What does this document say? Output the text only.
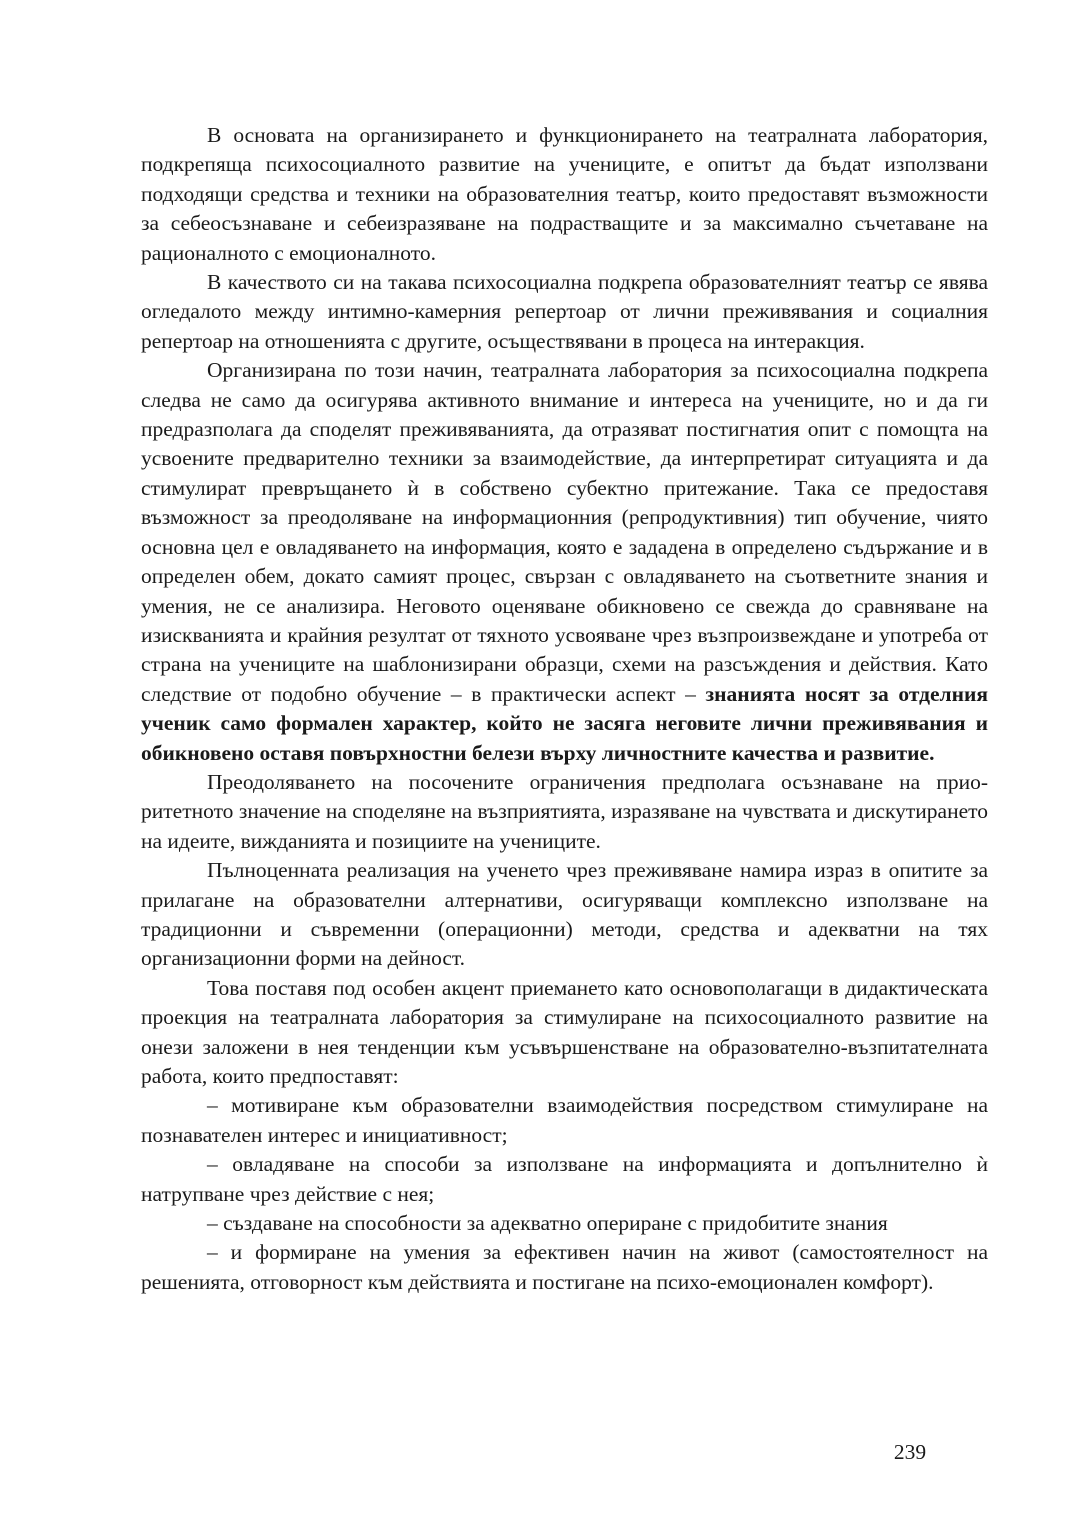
В основата на организирането и функционирането на театралната лаборатория, подкрепяща психосоциалното развитие на учениците, е опитът да бъдат използвани подходящи средства и техники на образователния театър, които предоставят възможности за себеосъзнаване и себеизразяване на подрастващите и за максимално съчетаване на рационалното с емоционалното.

В качеството си на такава психосоциална подкрепа образователният театър се явява огледалото между интимно-камерния репертоар от лични преживявания и социалния репертоар на отношенията с другите, осъществявани в процеса на интеракция.

Организирана по този начин, театралната лаборатория за психосоциална подкрепа следва не само да осигурява активното внимание и интереса на учениците, но и да ги предразполага да споделят преживяванията, да отразяват постигнатия опит с помощта на усвоените предварително техники за взаимодействие, да интерпретират ситуацията и да стимулират превръщането ѝ в собствено субектно притежание. Така се предоставя възможност за преодоляване на информационния (репродуктивния) тип обучение, чиято основна цел е овладяването на информация, която е зададена в определено съдържание и в определен обем, докато самият процес, свързан с овладяването на съответните знания и умения, не се анализира. Неговото оценяване обикновено се свежда до сравняване на изискванията и крайния резултат от тяхното усвояване чрез възпроизвеждане и употреба от страна на учениците на шаблонизирани образци, схеми на разсъждения и действия. Като следствие от подобно обучение – в практически аспект – знанията носят за отделния ученик само формален характер, който не засяга неговите лични преживявания и обикновено оставя повърхностни белези върху личностните качества и развитие.

Преодоляването на посочените ограничения предполага осъзнаване на приоритетното значение на споделяне на възприятията, изразяване на чувствата и дискутирането на идеите, вижданията и позициите на учениците.

Пълноценната реализация на ученето чрез преживяване намира израз в опитите за прилагане на образователни алтернативи, осигуряващи комплексно използване на традиционни и съвременни (операционни) методи, средства и адекватни на тях организационни форми на дейност.

Това поставя под особен акцент приемането като основополагащи в дидактическата проекция на театралната лаборатория за стимулиране на психосоциалното развитие на онези заложени в нея тенденции към усъвършенстване на образователно-възпитателната работа, които предпоставят:

– мотивиране към образователни взаимодействия посредством стимулиране на познавателен интерес и инициативност;

– овладяване на способи за използване на информацията и допълнително ѝ натрупване чрез действие с нея;

– създаване на способности за адекватно опериране с придобитите знания

– и формиране на умения за ефективен начин на живот (самостоятелност на решенията, отговорност към действията и постигане на психо-емоционален комфорт).

239
